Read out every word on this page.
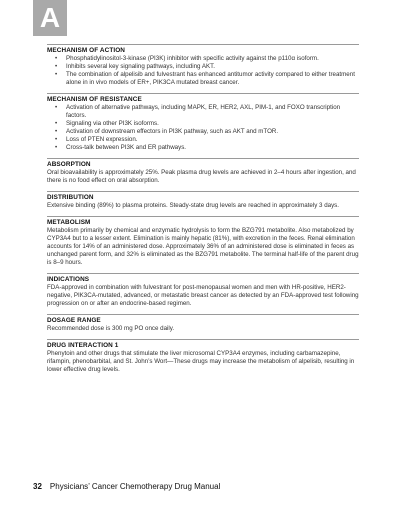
A
MECHANISM OF ACTION
• Phosphatidylinositol-3-kinase (PI3K) inhibitor with specific activity against the p110α isoform.
• Inhibits several key signaling pathways, including AKT.
• The combination of alpelisib and fulvestrant has enhanced antitumor activity compared to either treatment alone in in vivo models of ER+, PIK3CA mutated breast cancer.
MECHANISM OF RESISTANCE
• Activation of alternative pathways, including MAPK, ER, HER2, AXL, PIM-1, and FOXO transcription factors.
• Signaling via other PI3K isoforms.
• Activation of downstream effectors in PI3K pathway, such as AKT and mTOR.
• Loss of PTEN expression.
• Cross-talk between PI3K and ER pathways.
ABSORPTION
Oral bioavailability is approximately 25%. Peak plasma drug levels are achieved in 2–4 hours after ingestion, and there is no food effect on oral absorption.
DISTRIBUTION
Extensive binding (89%) to plasma proteins. Steady-state drug levels are reached in approximately 3 days.
METABOLISM
Metabolism primarily by chemical and enzymatic hydrolysis to form the BZG791 metabolite. Also metabolized by CYP3A4 but to a lesser extent. Elimination is mainly hepatic (81%), with excretion in the feces. Renal elimination accounts for 14% of an administered dose. Approximately 36% of an administered dose is eliminated in feces as unchanged parent form, and 32% is eliminated as the BZG791 metabolite. The terminal half-life of the parent drug is 8–9 hours.
INDICATIONS
FDA-approved in combination with fulvestrant for post-menopausal women and men with HR-positive, HER2-negative, PIK3CA-mutated, advanced, or metastatic breast cancer as detected by an FDA-approved test following progression on or after an endocrine-based regimen.
DOSAGE RANGE
Recommended dose is 300 mg PO once daily.
DRUG INTERACTION 1
Phenytoin and other drugs that stimulate the liver microsomal CYP3A4 enzymes, including carbamazepine, rifampin, phenobarbital, and St. John’s Wort—These drugs may increase the metabolism of alpelisib, resulting in lower effective drug levels.
32 Physicians’ Cancer Chemotherapy Drug Manual
